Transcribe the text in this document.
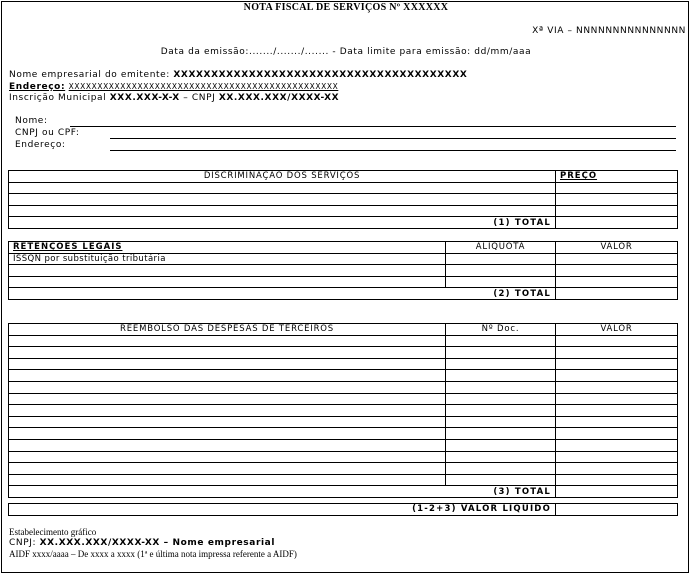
NOTA FISCAL DE SERVIÇOS Nº XXXXXX
Xª VIA – NNNNNNNNNNNNNNN
Data da emissão:......./......./....... - Data limite para emissão: dd/mm/aaa
Nome empresarial do emitente: XXXXXXXXXXXXXXXXXXXXXXXXXXXXXXXXXXXXXXX
Endereço: XXXXXXXXXXXXXXXXXXXXXXXXXXXXXXXXXXXXXXXXXXXXXXX
Inscrição Municipal XXX.XXX-X-X – CNPJ XX.XXX.XXX/XXXX-XX
Nome:
CNPJ ou CPF:
Endereço:
DISCRIMINAÇÃO DOS SERVIÇOS	PREÇO

(1) TOTAL	
RETENÇÕES LEGAIS	ALÍQUOTA	VALOR
ISSQN por substituição tributária		

(2) TOTAL		
REEMBOLSO DAS DESPESAS DE TERCEIROS	Nº Doc.	VALOR

(3) TOTAL		
(1-2+3) VALOR LÍQUIDO	
Estabelecimento gráfico
CNPJ: XX.XXX.XXX/XXXX-XX – Nome empresarial
AIDF xxxx/aaaa – De xxxx a xxxx (1ª e última nota impressa referente a AIDF)
